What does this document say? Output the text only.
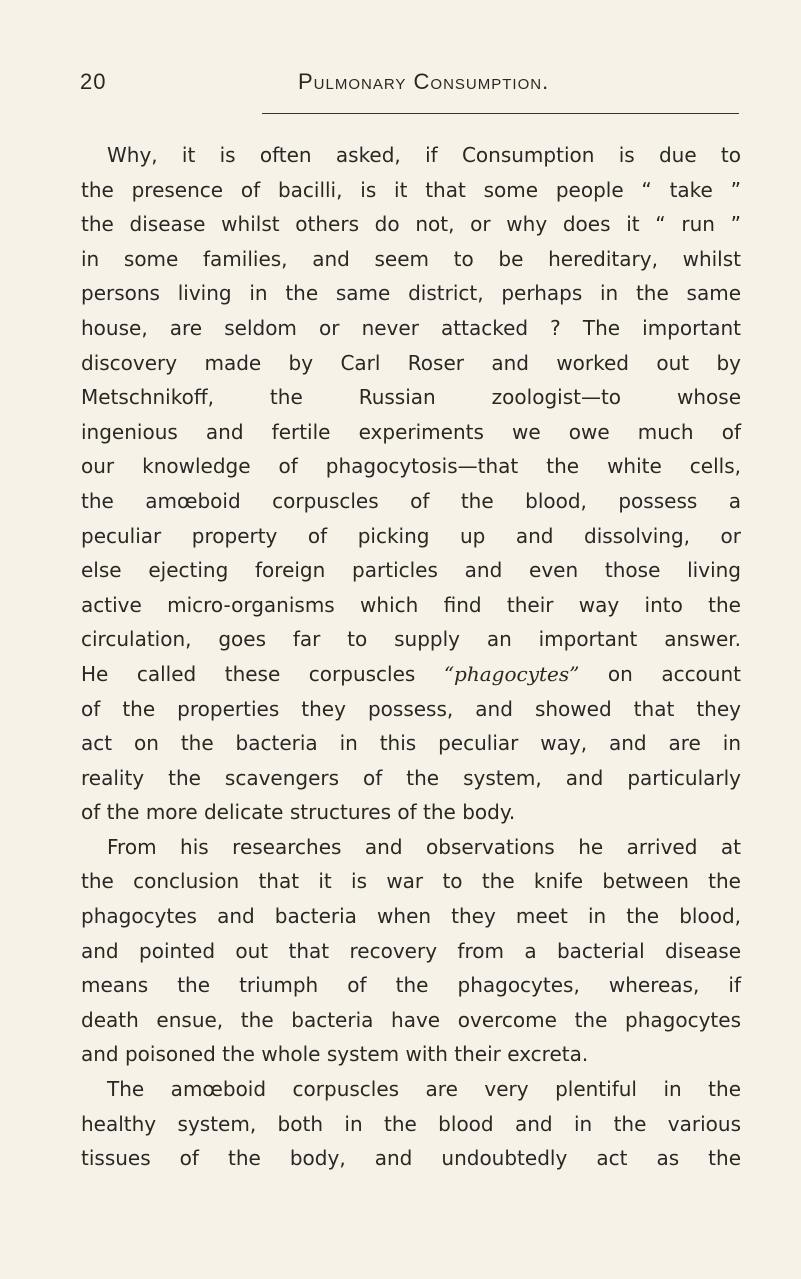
20	Pulmonary Consumption.
Why, it is often asked, if Consumption is due to
the presence of bacilli, is it that some people “ take ”
the disease whilst others do not, or why does it “ run ”
in some families, and seem to be hereditary, whilst
persons living in the same district, perhaps in the same
house, are seldom or never attacked ? The important
discovery made by Carl Roser and worked out by
Metschnikoff, the Russian zoologist—to whose
ingenious and fertile experiments we owe much of
our knowledge of phagocytosis—that the white cells,
the amœboid corpuscles of the blood, possess a
peculiar property of picking up and dissolving, or
else ejecting foreign particles and even those living
active micro-organisms which find their way into the
circulation, goes far to supply an important answer.
He called these corpuscles “phagocytes” on account
of the properties they possess, and showed that they
act on the bacteria in this peculiar way, and are in
reality the scavengers of the system, and particularly
of the more delicate structures of the body.
From his researches and observations he arrived at
the conclusion that it is war to the knife between the
phagocytes and bacteria when they meet in the blood,
and pointed out that recovery from a bacterial disease
means the triumph of the phagocytes, whereas, if
death ensue, the bacteria have overcome the phagocytes
and poisoned the whole system with their excreta.
The amœboid corpuscles are very plentiful in the
healthy system, both in the blood and in the various
tissues of the body, and undoubtedly act as the
